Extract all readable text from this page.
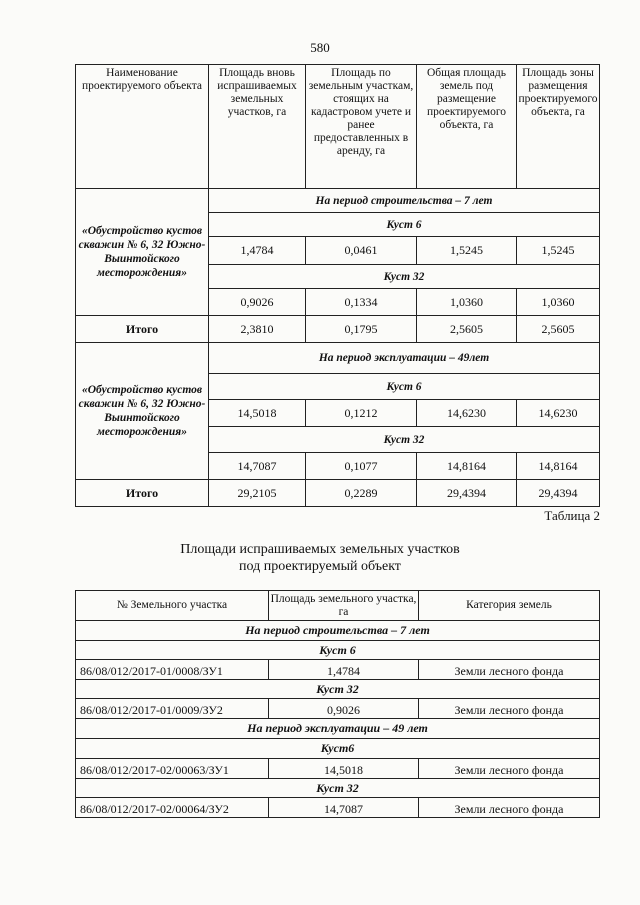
580
Наименование проектируемого объекта	Площадь вновь испрашиваемых земельных участков, га	Площадь по земельным участкам, стоящих на кадастровом учете и ранее предоставленных в аренду, га	Общая площадь земель под размещение проектируемого объекта, га	Площадь зоны размещения проектируемого объекта, га
«Обустройство кустов скважин № 6, 32 Южно-Выинтойского месторождения»	На период строительства – 7 лет			
	Куст 6			
	1,4784	0,0461	1,5245	1,5245
	Куст 32			
	0,9026	0,1334	1,0360	1,0360
Итого	2,3810	0,1795	2,5605	2,5605
«Обустройство кустов скважин № 6, 32 Южно-Выинтойского месторождения»	На период эксплуатации – 49лет			
	Куст 6			
	14,5018	0,1212	14,6230	14,6230
	Куст 32			
	14,7087	0,1077	14,8164	14,8164
Итого	29,2105	0,2289	29,4394	29,4394
Таблица 2
Площади испрашиваемых земельных участков
под проектируемый объект
№ Земельного участка	Площадь земельного участка, га	Категория земель
На период строительства – 7 лет		
Куст 6		
86/08/012/2017-01/0008/ЗУ1	1,4784	Земли лесного фонда
Куст 32		
86/08/012/2017-01/0009/ЗУ2	0,9026	Земли лесного фонда
На период эксплуатации – 49 лет		
Куст6		
86/08/012/2017-02/00063/ЗУ1	14,5018	Земли лесного фонда
Куст 32		
86/08/012/2017-02/00064/ЗУ2	14,7087	Земли лесного фонда
